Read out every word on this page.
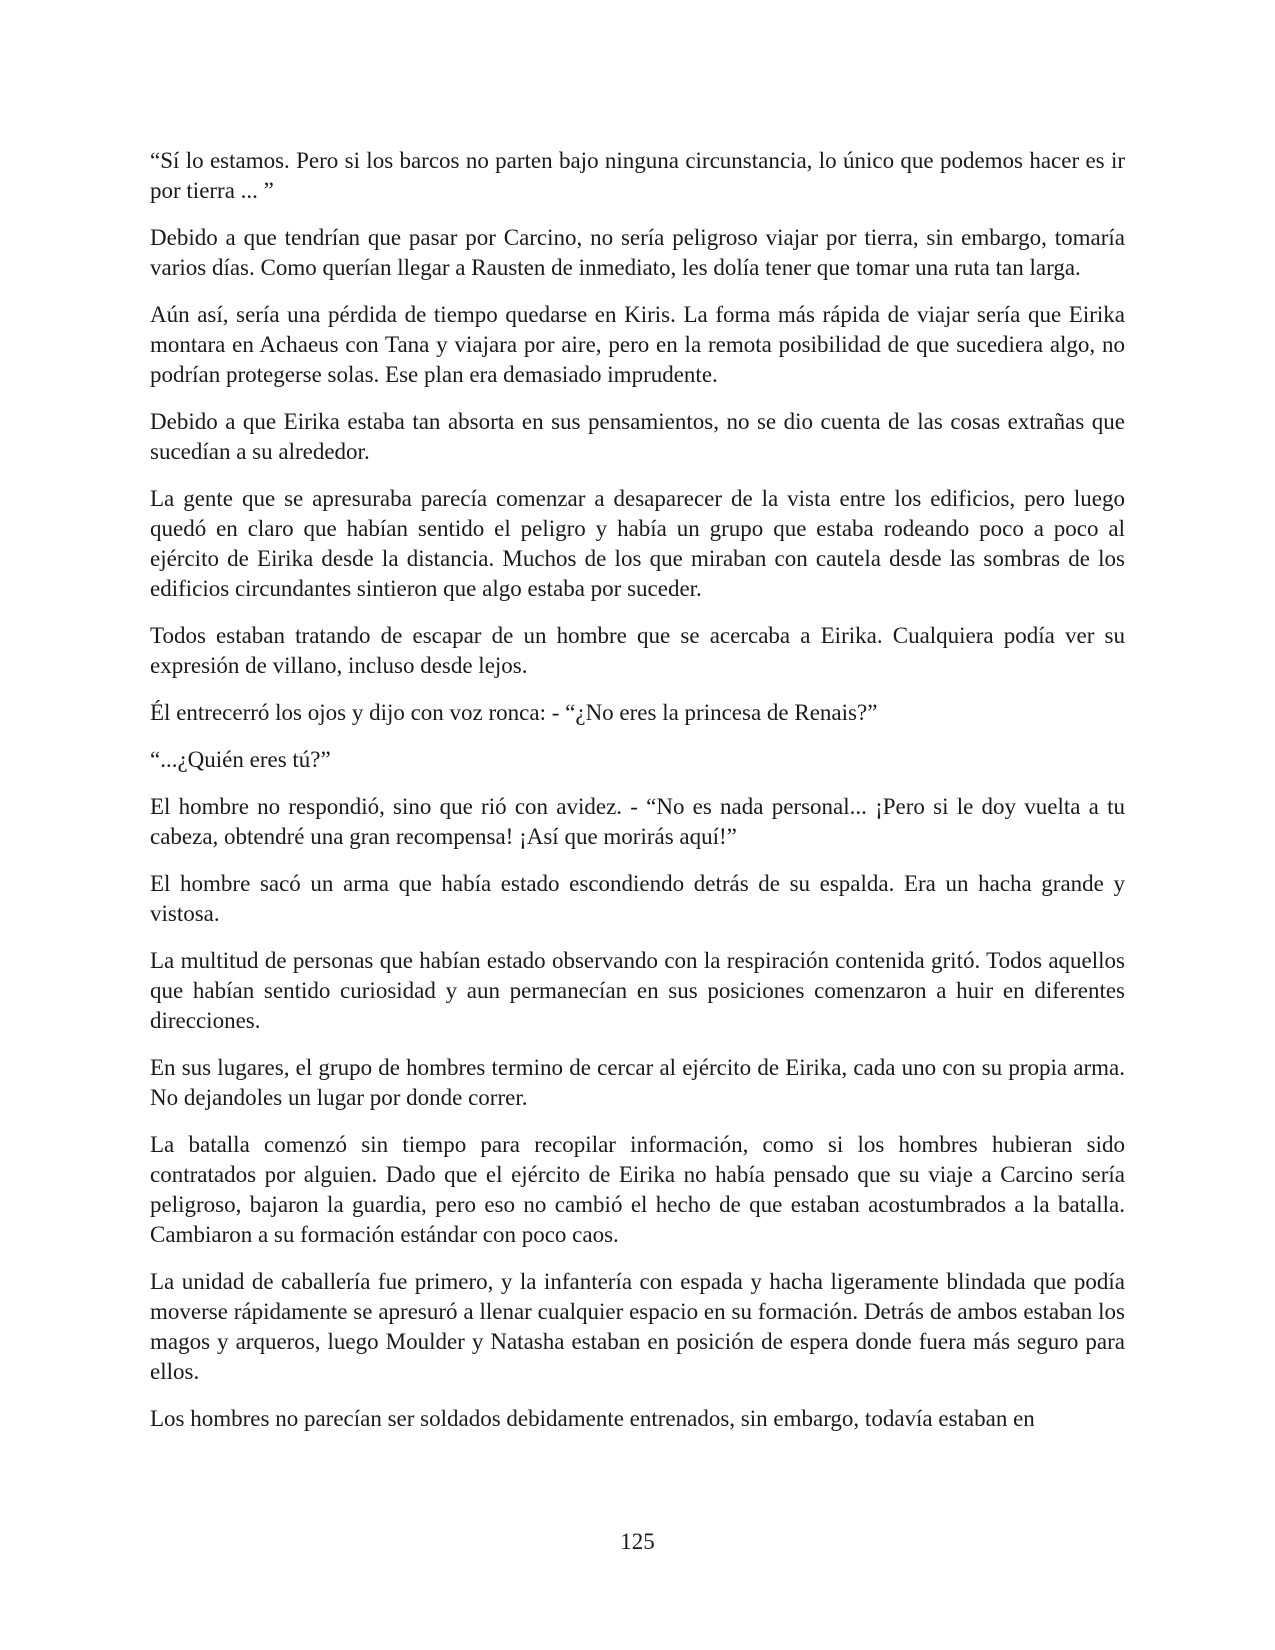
“Sí lo estamos. Pero si los barcos no parten bajo ninguna circunstancia, lo único que podemos hacer es ir por tierra ... ”

Debido a que tendrían que pasar por Carcino, no sería peligroso viajar por tierra, sin embargo, tomaría varios días. Como querían llegar a Rausten de inmediato, les dolía tener que tomar una ruta tan larga.

Aún así, sería una pérdida de tiempo quedarse en Kiris. La forma más rápida de viajar sería que Eirika montara en Achaeus con Tana y viajara por aire, pero en la remota posibilidad de que sucediera algo, no podrían protegerse solas. Ese plan era demasiado imprudente.

Debido a que Eirika estaba tan absorta en sus pensamientos, no se dio cuenta de las cosas extrañas que sucedían a su alrededor.

La gente que se apresuraba parecía comenzar a desaparecer de la vista entre los edificios, pero luego quedó en claro que habían sentido el peligro y había un grupo que estaba rodeando poco a poco al ejército de Eirika desde la distancia. Muchos de los que miraban con cautela desde las sombras de los edificios circundantes sintieron que algo estaba por suceder.

Todos estaban tratando de escapar de un hombre que se acercaba a Eirika. Cualquiera podía ver su expresión de villano, incluso desde lejos.

Él entrecerró los ojos y dijo con voz ronca: - “¿No eres la princesa de Renais?”

“...¿Quién eres tú?”

El hombre no respondió, sino que rió con avidez. - “No es nada personal... ¡Pero si le doy vuelta a tu cabeza, obtendré una gran recompensa! ¡Así que morirás aquí!”

El hombre sacó un arma que había estado escondiendo detrás de su espalda. Era un hacha grande y vistosa.

La multitud de personas que habían estado observando con la respiración contenida gritó. Todos aquellos que habían sentido curiosidad y aun permanecían en sus posiciones comenzaron a huir en diferentes direcciones.

En sus lugares, el grupo de hombres termino de cercar al ejército de Eirika, cada uno con su propia arma. No dejandoles un lugar por donde correr.

La batalla comenzó sin tiempo para recopilar información, como si los hombres hubieran sido contratados por alguien. Dado que el ejército de Eirika no había pensado que su viaje a Carcino sería peligroso, bajaron la guardia, pero eso no cambió el hecho de que estaban acostumbrados a la batalla. Cambiaron a su formación estándar con poco caos.

La unidad de caballería fue primero, y la infantería con espada y hacha ligeramente blindada que podía moverse rápidamente se apresuró a llenar cualquier espacio en su formación. Detrás de ambos estaban los magos y arqueros, luego Moulder y Natasha estaban en posición de espera donde fuera más seguro para ellos.

Los hombres no parecían ser soldados debidamente entrenados, sin embargo, todavía estaban en

125
